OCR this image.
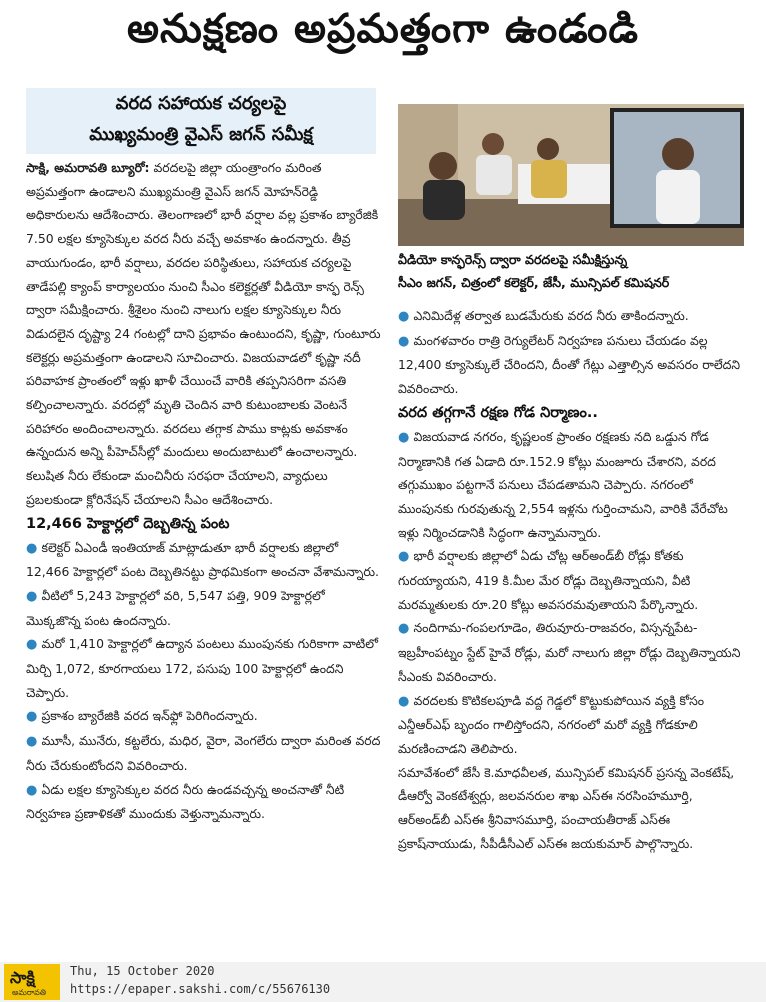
అనుక్షణం అప్రమత్తంగా ఉండండి
వరద సహాయక చర్యలపై
ముఖ్యమంత్రి వైఎస్ జగన్ సమీక్ష

సాక్షి, అమరావతి బ్యూరో: వరదలపై జిల్లా యంత్రాంగం మరింత అప్రమత్తంగా ఉండాలని ముఖ్యమంత్రి వైఎస్ జగన్ మోహన్‌రెడ్డి అధికారులను ఆదేశించారు. తెలంగాణలో భారీ వర్షాల వల్ల ప్రకాశం బ్యారేజికి 7.50 లక్షల క్యూసెక్కుల వరద నీరు వచ్చే అవకాశం ఉందన్నారు. తీవ్ర వాయుగుండం, భారీ వర్షాలు, వరదల పరిస్థితులు, సహాయక చర్యలపై తాడేపల్లి క్యాంప్ కార్యాలయం నుంచి సీఎం కలెక్టర్లతో వీడియో కాన్ఫ రెన్స్ ద్వారా సమీక్షించారు. శ్రీశైలం నుంచి నాలుగు లక్షల క్యూసెక్కుల నీరు విడుదలైన దృష్ట్యా 24 గంటల్లో దాని ప్రభావం ఉంటుందని, కృష్ణా, గుంటూరు కలెక్టర్లు అప్రమత్తంగా ఉండాలని సూచించారు. విజయవాడలో కృష్ణా నదీ పరివాహక ప్రాంతంలో ఇళ్లు ఖాళీ చేయించే వారికి తప్పనిసరిగా వసతి కల్పించాలన్నారు. వరదల్లో మృతి చెందిన వారి కుటుంబాలకు వెంటనే పరిహారం అందించాలన్నారు. వరదలు తగ్గాక పాము కాట్లకు అవకాశం ఉన్నందున అన్ని పీహెచ్‌సీల్లో మందులు అందుబాటులో ఉంచాలన్నారు. కలుషిత నీరు లేకుండా మంచినీరు సరఫరా చేయాలని, వ్యాధులు ప్రబలకుండా క్లోరినేషన్ చేయాలని సీఎం ఆదేశించారు.

12,466 హెక్టార్లలో దెబ్బతిన్న పంట

● కలెక్టర్ ఏఎండీ ఇంతియాజ్ మాట్లాడుతూ భారీ వర్షాలకు జిల్లాలో 12,466 హెక్టార్లలో పంట దెబ్బతినట్టు ప్రాథమికంగా అంచనా వేశామన్నారు.

● వీటిలో 5,243 హెక్టార్లలో వరి, 5,547 పత్తి, 909 హెక్టార్లలో మొక్కజొన్న పంట ఉందన్నారు.

● మరో 1,410 హెక్టార్లలో ఉద్యాన పంటలు ముంపునకు గురికాగా వాటిలో మిర్చి 1,072, కూరగాయలు 172, పసుపు 100 హెక్టార్లలో ఉందని చెప్పారు.

● ప్రకాశం బ్యారేజికి వరద ఇన్‌ఫ్లో పెరిగిందన్నారు.

● మూసీ, మునేరు, కట్టలేరు, మధిర, వైరా, వెంగలేరు ద్వారా మరింత వరద నీరు చేరుకుంటోందని వివరించారు.

● ఏడు లక్షల క్యూసెక్కుల వరద నీరు ఉండవచ్చన్న అంచనాతో నీటి నిర్వహణ ప్రణాళికతో ముందుకు వెళ్తున్నామన్నారు.

వీడియో కాన్ఫరెన్స్ ద్వారా వరదలపై సమీక్షిస్తున్న
సీఎం జగన్, చిత్రంలో కలెక్టర్, జేసీ, మున్సిపల్ కమిషనర్

● ఎనిమిదేళ్ల తర్వాత బుడమేరుకు వరద నీరు తాకిందన్నారు.

● మంగళవారం రాత్రి రెగ్యులేటర్ నిర్వహణ పనులు చేయడం వల్ల 12,400 క్యూసెక్కులే చేరిందని, దీంతో గేట్లు ఎత్తాల్సిన అవసరం రాలేదని వివరించారు.

వరద తగ్గగానే రక్షణ గోడ నిర్మాణం..

● విజయవాడ నగరం, కృష్ణలంక ప్రాంతం రక్షణకు నది ఒడ్డున గోడ నిర్మాణానికి గత ఏడాది రూ.152.9 కోట్లు మంజూరు చేశారని, వరద తగ్గుముఖం పట్టగానే పనులు చేపడతామని చెప్పారు. నగరంలో ముంపునకు గురవుతున్న 2,554 ఇళ్లను గుర్తించామని, వారికి వేరేచోట ఇళ్లు నిర్మించడానికి సిద్ధంగా ఉన్నామన్నారు.

● భారీ వర్షాలకు జిల్లాలో ఏడు చోట్ల ఆర్‌అండ్‌బీ రోడ్లు కోతకు గురయ్యాయని, 419 కి.మీల మేర రోడ్లు దెబ్బతిన్నాయని, వీటి మరమ్మతులకు రూ.20 కోట్లు అవసరమవుతాయని పేర్కొన్నారు.

● నందిగామ-గంపలగూడెం, తిరువూరు-రాజవరం, విస్సన్నపేట-ఇబ్రహీంపట్నం స్టేట్ హైవే రోడ్లు, మరో నాలుగు జిల్లా రోడ్లు దెబ్బతిన్నాయని సీఎంకు వివరించారు.

● వరదలకు కొటికలపూడి వద్ద గెడ్డలో కొట్టుకుపోయిన వ్యక్తి కోసం ఎన్డీఆర్ఎఫ్ బృందం గాలిస్తోందని, నగరంలో మరో వ్యక్తి గోడకూలి మరణించాడని తెలిపారు.

సమావేశంలో జేసీ కె.మాధవీలత, మున్సిపల్ కమిషనర్ ప్రసన్న వెంకటేష్, డీఆర్వో వెంకటేశ్వర్లు, జలవనరుల శాఖ ఎస్ఈ నరసింహమూర్తి, ఆర్‌అండ్‌బీ ఎస్ఈ శ్రీనివాసమూర్తి, పంచాయతీరాజ్ ఎస్ఈ ప్రకాష్‌నాయుడు, సీపీడీసీఎల్ ఎస్ఈ జయకుమార్ పాల్గొన్నారు.

సాక్షి
అమరావతి
Thu, 15 October 2020
https://epaper.sakshi.com/c/55676130
